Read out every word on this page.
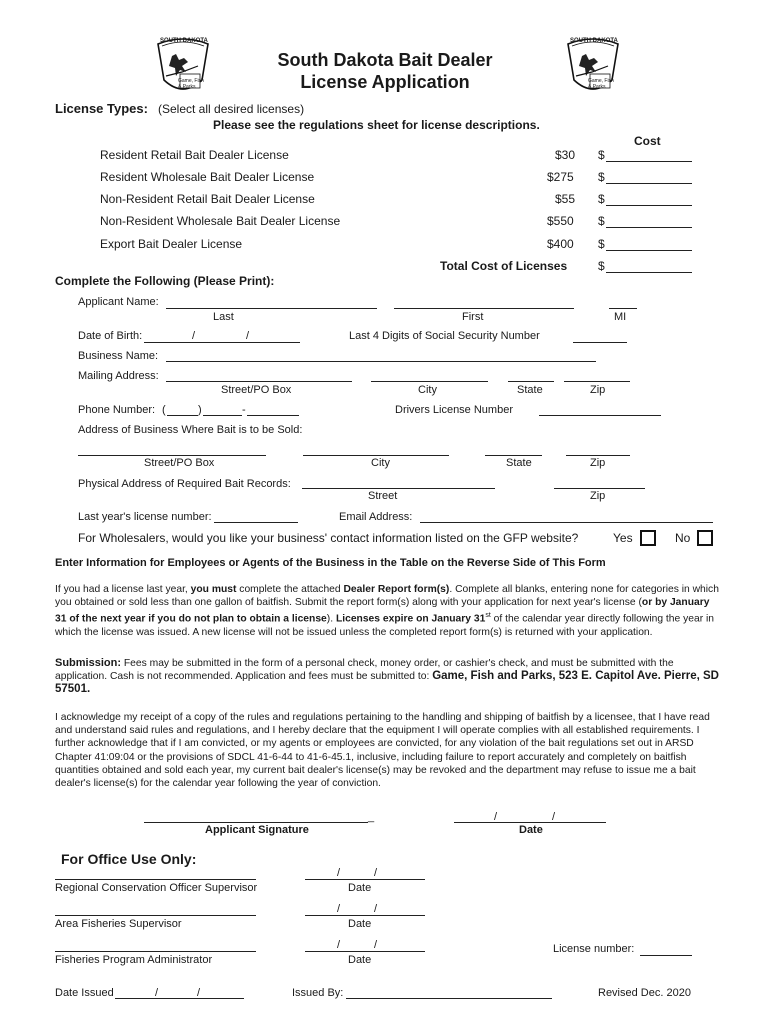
SOUTH DAKOTA
Game, Fish & Parks
SOUTH DAKOTA
Game, Fish & Parks
South Dakota Bait Dealer
License Application
License Types: (Select all desired licenses)
Please see the regulations sheet for license descriptions.
Cost
Resident Retail Bait Dealer License	$30 $
Resident Wholesale Bait Dealer License	$275 $
Non-Resident Retail Bait Dealer License	$55 $
Non-Resident Wholesale Bait Dealer License	$550 $
Export Bait Dealer License	$400 $
Total Cost of Licenses	$
Complete the Following (Please Print):
Applicant Name:
Last	First	MI
Date of Birth:	/	/	Last 4 Digits of Social Security Number
Business Name:
Mailing Address:
Street/PO Box	City	State	Zip
Phone Number: (	)	-	Drivers License Number
Address of Business Where Bait is to be Sold:
Street/PO Box	City	State	Zip
Physical Address of Required Bait Records:
Street	Zip
Last year's license number:	Email Address:
For Wholesalers, would you like your business' contact information listed on the GFP website?	Yes	No
Enter Information for Employees or Agents of the Business in the Table on the Reverse Side of This Form
If you had a license last year, you must complete the attached Dealer Report form(s). Complete all blanks, entering none for categories in which you obtained or sold less than one gallon of baitfish. Submit the report form(s) along with your application for next year's license (or by January 31 of the next year if you do not plan to obtain a license). Licenses expire on January 31st of the calendar year directly following the year in which the license was issued. A new license will not be issued unless the completed report form(s) is returned with your application.
Submission: Fees may be submitted in the form of a personal check, money order, or cashier's check, and must be submitted with the application. Cash is not recommended. Application and fees must be submitted to: Game, Fish and Parks, 523 E. Capitol Ave. Pierre, SD 57501.
I acknowledge my receipt of a copy of the rules and regulations pertaining to the handling and shipping of baitfish by a licensee, that I have read and understand said rules and regulations, and I hereby declare that the equipment I will operate complies with all established requirements. I further acknowledge that if I am convicted, or my agents or employees are convicted, for any violation of the bait regulations set out in ARSD Chapter 41:09:04 or the provisions of SDCL 41-6-44 to 41-6-45.1, inclusive, including failure to report accurately and completely on baitfish quantities obtained and sold each year, my current bait dealer's license(s) may be revoked and the department may refuse to issue me a bait dealer's license(s) for the calendar year following the year of conviction.
_
Applicant Signature
/	/
Date
For Office Use Only:
Regional Conservation Officer Supervisor
/	/
Date
Area Fisheries Supervisor
/	/
Date
Fisheries Program Administrator
/	/
Date
License number:
Date Issued	/	/	Issued By:	Revised Dec. 2020
